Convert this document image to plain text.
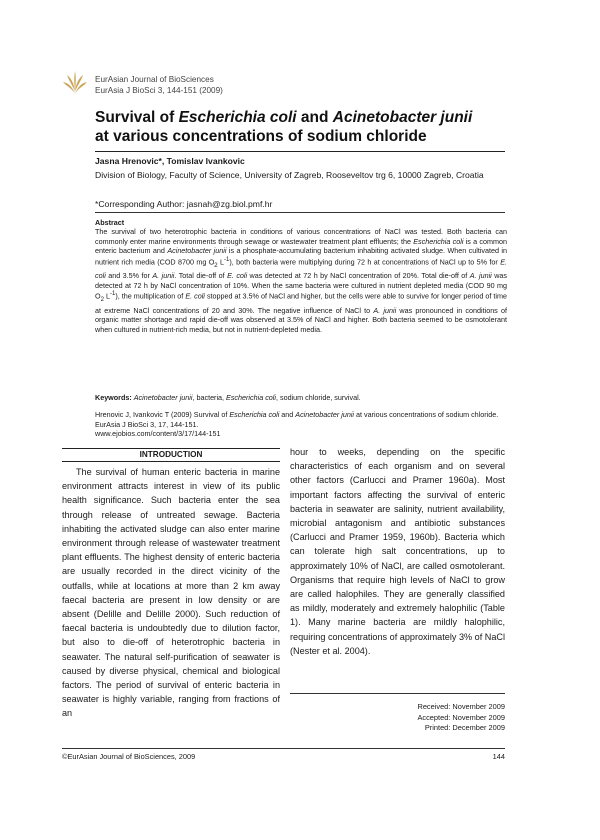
EurAsian Journal of BioSciences
EurAsia J BioSci 3, 144-151 (2009)
Survival of Escherichia coli and Acinetobacter junii
at various concentrations of sodium chloride
Jasna Hrenovic*, Tomislav Ivankovic
Division of Biology, Faculty of Science, University of Zagreb, Rooseveltov trg 6, 10000 Zagreb, Croatia
*Corresponding Author: jasnah@zg.biol.pmf.hr
Abstract
The survival of two heterotrophic bacteria in conditions of various concentrations of NaCl was tested. Both bacteria can commonly enter marine environments through sewage or wastewater treatment plant effluents; the Escherichia coli is a common enteric bacterium and Acinetobacter junii is a phosphate-accumulating bacterium inhabiting activated sludge. When cultivated in nutrient rich media (COD 8700 mg $O_2$ $L^{-1}$), both bacteria were multiplying during 72 h at concentrations of NaCl up to 5% for E. coli and 3.5% for A. junii. Total die-off of E. coli was detected at 72 h by NaCl concentration of 20%. Total die-off of A. junii was detected at 72 h by NaCl concentration of 10%. When the same bacteria were cultured in nutrient depleted media (COD 90 mg $O_2$ $L^{-1}$), the multiplication of E. coli stopped at 3.5% of NaCl and higher, but the cells were able to survive for longer period of time at extreme NaCl concentrations of 20 and 30%. The negative influence of NaCl to A. junii was pronounced in conditions of organic matter shortage and rapid die-off was observed at 3.5% of NaCl and higher. Both bacteria seemed to be osmotolerant when cultured in nutrient-rich media, but not in nutrient-depleted media.
Keywords: Acinetobacter junii, bacteria, Escherichia coli, sodium chloride, survival.
Hrenovic J, Ivankovic T (2009) Survival of Escherichia coli and Acinetobacter junii at various concentrations of sodium chloride. EurAsia J BioSci 3, 17, 144-151.
www.ejobios.com/content/3/17/144-151
INTRODUCTION

The survival of human enteric bacteria in marine environment attracts interest in view of its public health significance. Such bacteria enter the sea through release of untreated sewage. Bacteria inhabiting the activated sludge can also enter marine environment through release of wastewater treatment plant effluents. The highest density of enteric bacteria are usually recorded in the direct vicinity of the outfalls, while at locations at more than 2 km away faecal bacteria are present in low density or are absent (Delille and Delille 2000). Such reduction of faecal bacteria is undoubtedly due to dilution factor, but also to die-off of heterotrophic bacteria in seawater. The natural self-purification of seawater is caused by diverse physical, chemical and biological factors. The period of survival of enteric bacteria in seawater is highly variable, ranging from fractions of an

hour to weeks, depending on the specific characteristics of each organism and on several other factors (Carlucci and Pramer 1960a). Most important factors affecting the survival of enteric bacteria in seawater are salinity, nutrient availability, microbial antagonism and antibiotic substances (Carlucci and Pramer 1959, 1960b). Bacteria which can tolerate high salt concentrations, up to approximately 10% of NaCl, are called osmotolerant. Organisms that require high levels of NaCl to grow are called halophiles. They are generally classified as mildly, moderately and extremely halophilic (Table 1). Many marine bacteria are mildly halophilic, requiring concentrations of approximately 3% of NaCl (Nester et al. 2004).

Received: November 2009
Accepted: November 2009
Printed: December 2009
©EurAsian Journal of BioSciences, 2009	144
